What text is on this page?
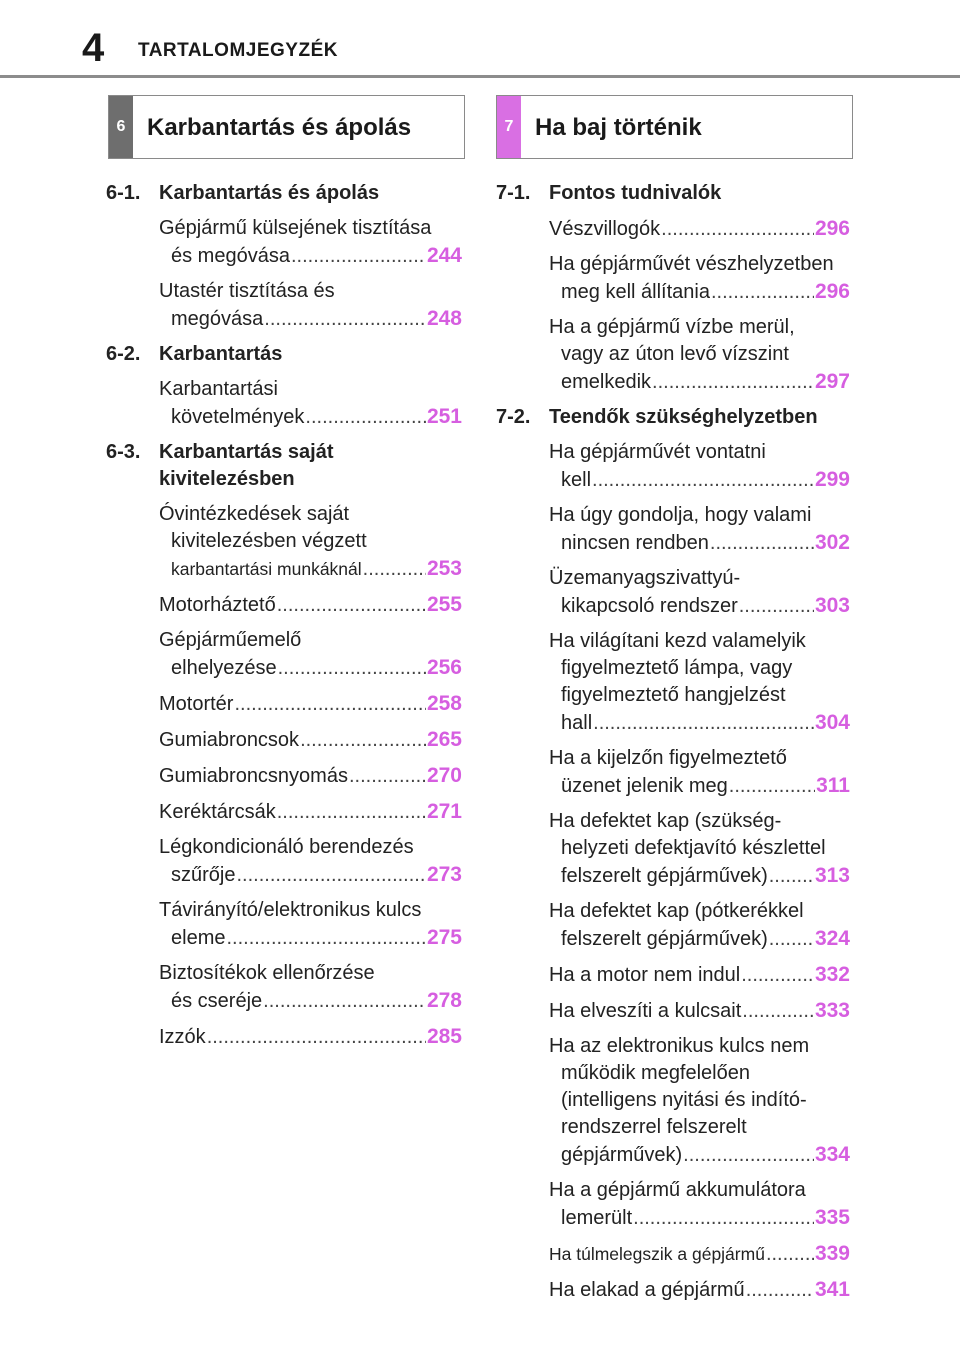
4 TARTALOMJEGYZÉK
6 Karbantartás és ápolás	7 Ha baj történik
6-1. Karbantartás és ápolás
Gépjármű külsejének tisztítása
és megóvása .....	244
Utastér tisztítása és
megóvása .....	248
6-2. Karbantartás
Karbantartási
követelmények .....	251
6-3. Karbantartás saját
kivitelezésben
Óvintézkedések saját
kivitelezésben végzett
karbantartási munkáknál .....	253
Motorháztető .....	255
Gépjárműemelő
elhelyezése .....	256
Motortér .....	258
Gumiabroncsok .....	265
Gumiabroncsnyomás .....	270
Keréktárcsák .....	271
Légkondicionáló berendezés
szűrője .....	273
Távirányító/elektronikus kulcs
eleme .....	275
Biztosítékok ellenőrzése
és cseréje .....	278
Izzók .....	285
7-1. Fontos tudnivalók
Vészvillogók .....	296
Ha gépjárművét vészhelyzetben
meg kell állítania .....	296
Ha a gépjármű vízbe merül,
vagy az úton levő vízszint
emelkedik .....	297
7-2. Teendők szükséghelyzetben
Ha gépjárművét vontatni
kell .....	299
Ha úgy gondolja, hogy valami
nincsen rendben .....	302
Üzemanyagszivattyú-
kikapcsoló rendszer .....	303
Ha világítani kezd valamelyik
figyelmeztető lámpa, vagy
figyelmeztető hangjelzést
hall .....	304
Ha a kijelzőn figyelmeztető
üzenet jelenik meg .....	311
Ha defektet kap (szükség-
helyzeti defektjavító készlettel
felszerelt gépjárművek) ..... 313
Ha defektet kap (pótkerékkel
felszerelt gépjárművek) ..... 324
Ha a motor nem indul .....	332
Ha elveszíti a kulcsait .....	333
Ha az elektronikus kulcs nem
működik megfelelően
(intelligens nyitási és indító-
rendszerrel felszerelt
gépjárművek) .....	334
Ha a gépjármű akkumulátora
lemerült .....	335
Ha túlmelegszik a gépjármű ..... 339
Ha elakad a gépjármű .....	341
